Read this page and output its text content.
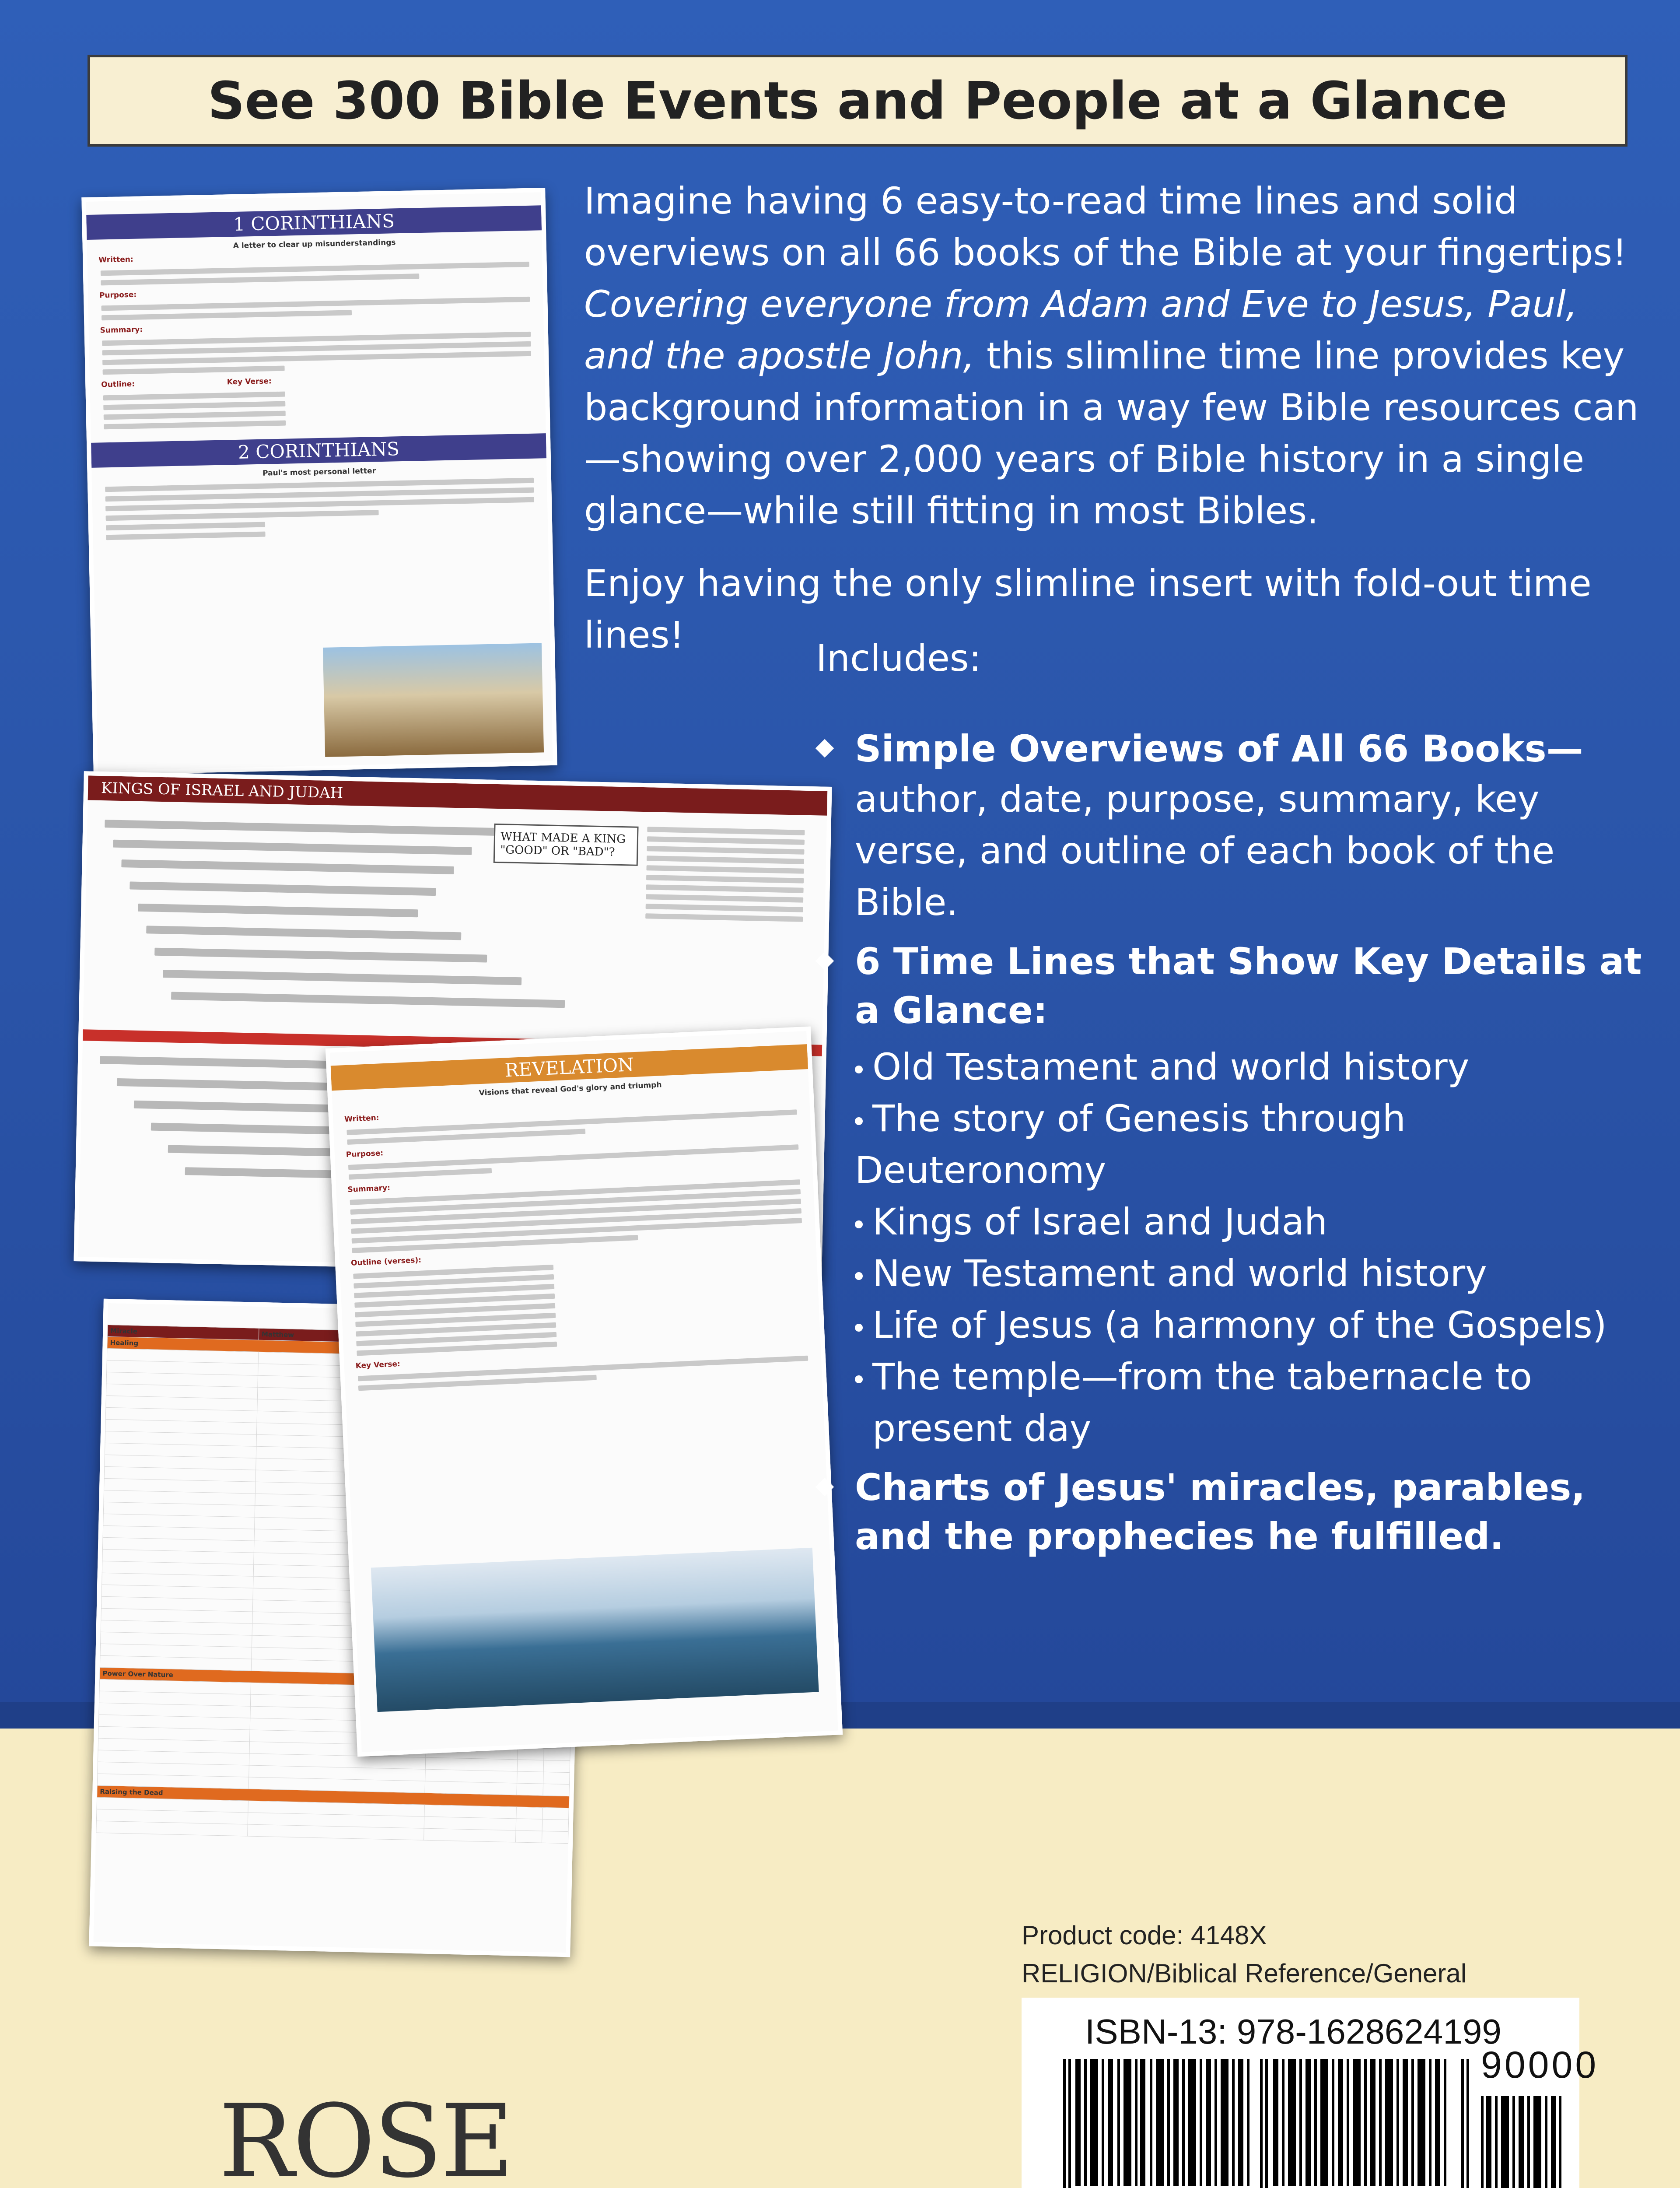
See 300 Bible Events and People at a Glance
1 CORINTHIANS
A letter to clear up misunderstandings
Written:
Purpose:
Summary:
Outline:	Key Verse:
2 CORINTHIANS
Paul's most personal letter
KINGS OF ISRAEL AND JUDAH
WHAT MADE A KING "GOOD" OR "BAD"?
Miracle	Matthew			
Healing				

Power Over Nature				

Raising the Dead				

REVELATION
Visions that reveal God's glory and triumph
Written:
Purpose:
Summary:
Outline (verses):
Key Verse:

Imagine having 6 easy-to-read time lines and solid overviews on all 66 books of the Bible at your fingertips! Covering everyone from Adam and Eve to Jesus, Paul, and the apostle John, this slimline time line provides key background information in a way few Bible resources can—showing over 2,000 years of Bible history in a single glance—while still fitting in most Bibles.

Enjoy having the only slimline insert with fold-out time lines!

Includes:
Simple Overviews of All 66 Books—
author, date, purpose, summary, key verse, and outline of each book of the Bible.
6 Time Lines that Show Key Details at a Glance:
Old Testament and world history
The story of Genesis through Deuteronomy
Kings of Israel and Judah
New Testament and world history
Life of Jesus (a harmony of the Gospels)
The temple—from the tabernacle to present day
Charts of Jesus' miracles, parables, and the prophecies he fulfilled.
Product code: 4148X
RELIGION/Biblical Reference/General
ISBN-13: 978-1628624199
90000
ROSE
